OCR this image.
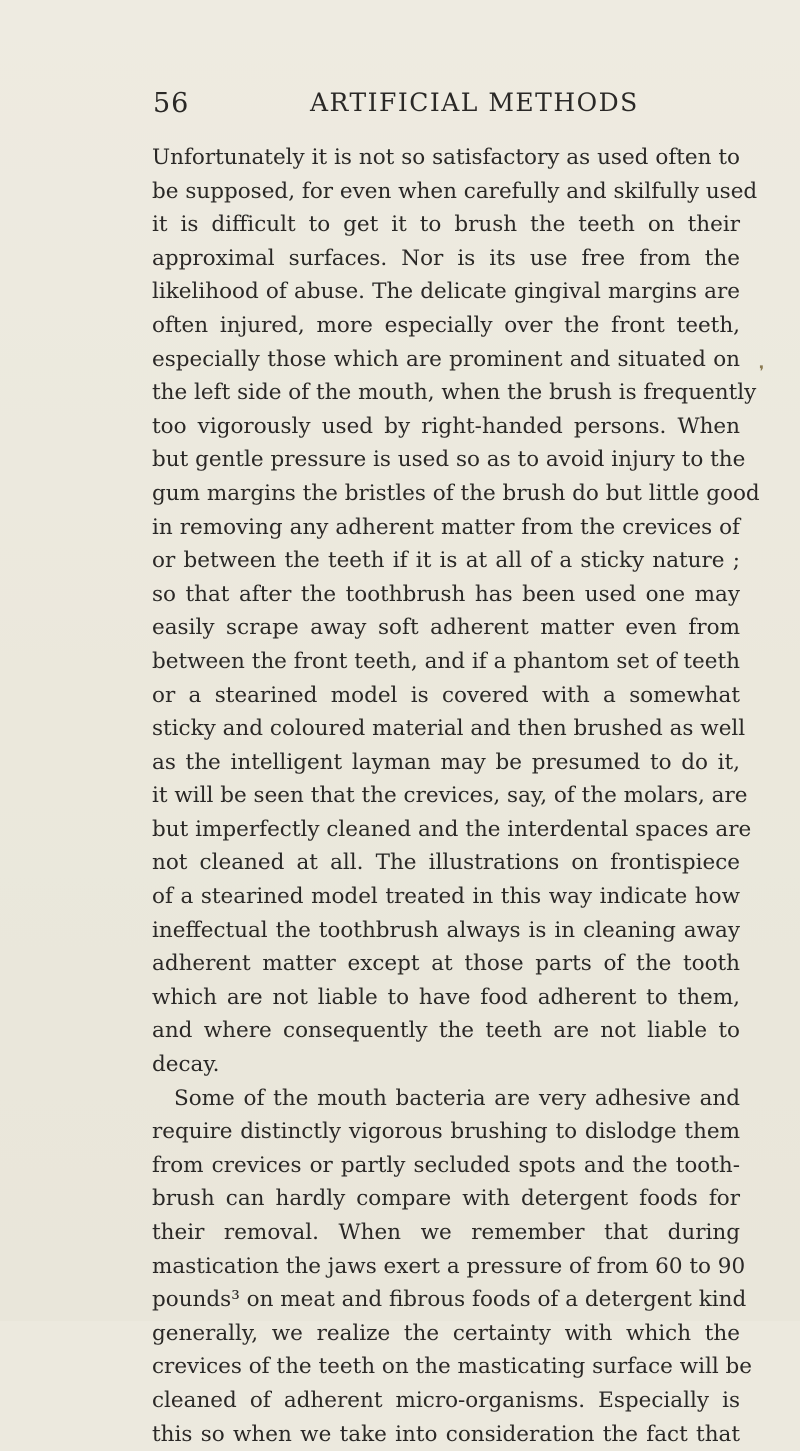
56	ARTIFICIAL METHODS
Unfortunately it is not so satisfactory as used often to
be supposed, for even when carefully and skilfully used
it is difficult to get it to brush the teeth on their
approximal surfaces. Nor is its use free from the
likelihood of abuse. The delicate gingival margins are
often injured, more especially over the front teeth,
especially those which are prominent and situated on
the left side of the mouth, when the brush is frequently
too vigorously used by right-handed persons. When
but gentle pressure is used so as to avoid injury to the
gum margins the bristles of the brush do but little good
in removing any adherent matter from the crevices of
or between the teeth if it is at all of a sticky nature ;
so that after the toothbrush has been used one may
easily scrape away soft adherent matter even from
between the front teeth, and if a phantom set of teeth
or a stearined model is covered with a somewhat
sticky and coloured material and then brushed as well
as the intelligent layman may be presumed to do it,
it will be seen that the crevices, say, of the molars, are
but imperfectly cleaned and the interdental spaces are
not cleaned at all. The illustrations on frontispiece
of a stearined model treated in this way indicate how
ineffectual the toothbrush always is in cleaning away
adherent matter except at those parts of the tooth
which are not liable to have food adherent to them,
and where consequently the teeth are not liable to
decay.
Some of the mouth bacteria are very adhesive and
require distinctly vigorous brushing to dislodge them
from crevices or partly secluded spots and the tooth-
brush can hardly compare with detergent foods for
their removal. When we remember that during
mastication the jaws exert a pressure of from 60 to 90
pounds³ on meat and fibrous foods of a detergent kind
generally, we realize the certainty with which the
crevices of the teeth on the masticating surface will be
cleaned of adherent micro-organisms. Especially is
this so when we take into consideration the fact that
❜
